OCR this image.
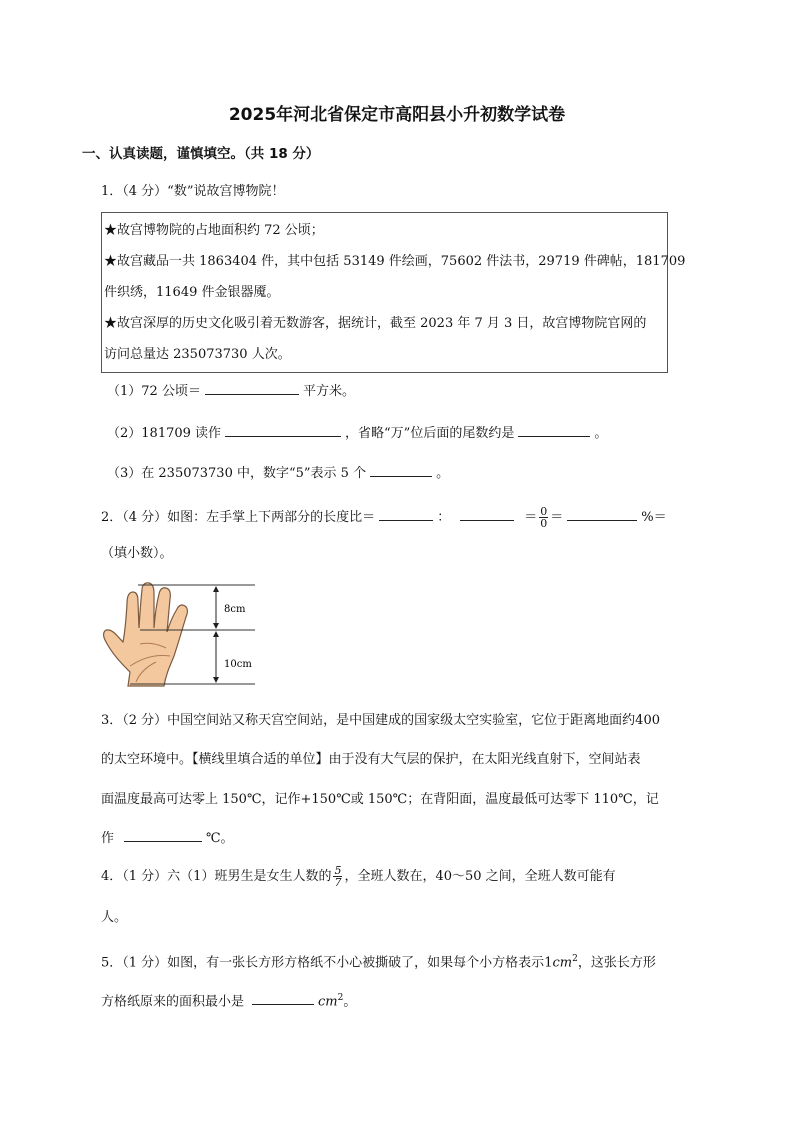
2025年河北省保定市高阳县小升初数学试卷
一、认真读题，谨慎填空。（共 18 分）
1．（4 分）“数”说故宫博物院！
★故宫博物院的占地面积约 72 公顷；
★故宫藏品一共 1863404 件，其中包括 53149 件绘画，75602 件法书，29719 件碑帖，181709
件织绣，11649 件金银器魇。
★故宫深厚的历史文化吸引着无数游客，据统计，截至 2023 年 7 月 3 日，故宫博物院官网的
访问总量达 235073730 人次。
（1）72 公顷＝	平方米。
（2）181709 读作	，省略“万”位后面的尾数约是	。
（3）在 235073730 中，数字“5”表示 5 个	。
2．（4 分）如图：左手掌上下两部分的长度比＝	：	＝ $\frac{0}{0}$ ＝	%＝
（填小数）。
8cm
10cm
3．（2 分）中国空间站又称天宫空间站，是中国建成的国家级太空实验室，它位于距离地面约400
的太空环境中。【横线里填合适的单位】由于没有大气层的保护，在太阳光线直射下，空间站表
面温度最高可达零上 150℃，记作+150℃或 150℃；在背阳面，温度最低可达零下 110℃，记
作	℃。
4．（1 分）六（1）班男生是女生人数的 $\frac{5}{7}$ ，全班人数在，40～50 之间，全班人数可能有
人。
5．（1 分）如图，有一张长方形方格纸不小心被撕破了，如果每个小方格表示$1cm^2$，这张长方形
方格纸原来的面积最小是	$cm^2$。
